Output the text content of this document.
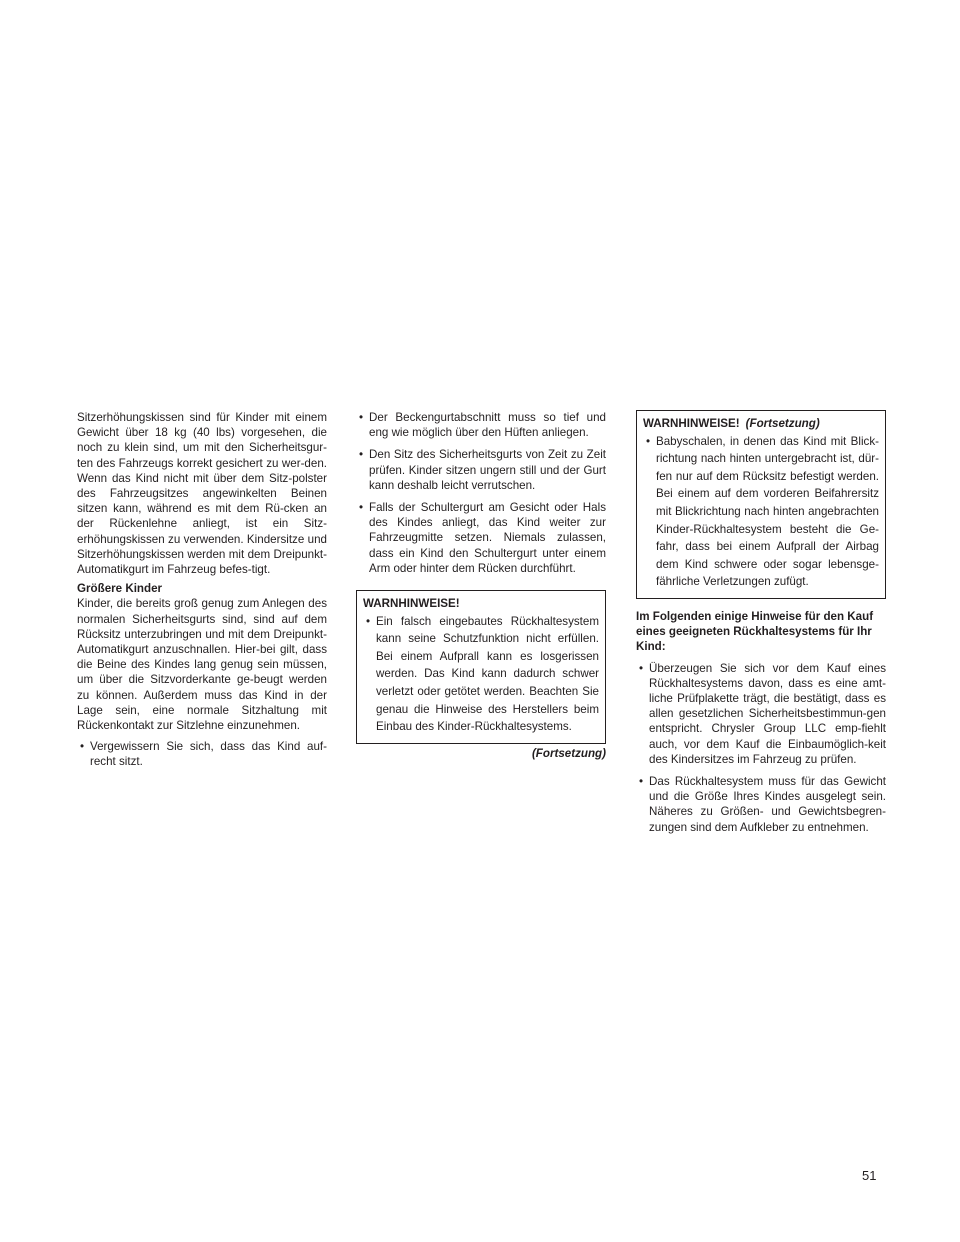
Sitzerhöhungskissen sind für Kinder mit einem Gewicht über 18 kg (40 lbs) vorgesehen, die noch zu klein sind, um mit den Sicherheitsgur-ten des Fahrzeugs korrekt gesichert zu wer-den. Wenn das Kind nicht mit über dem Sitz-polster des Fahrzeugsitzes angewinkelten Beinen sitzen kann, während es mit dem Rü-cken an der Rückenlehne anliegt, ist ein Sitz-erhöhungskissen zu verwenden. Kindersitze und Sitzerhöhungskissen werden mit dem Dreipunkt-Automatikgurt im Fahrzeug befes-tigt.

Größere Kinder

Kinder, die bereits groß genug zum Anlegen des normalen Sicherheitsgurts sind, sind auf dem Rücksitz unterzubringen und mit dem Dreipunkt-Automatikgurt anzuschnallen. Hier-bei gilt, dass die Beine des Kindes lang genug sein müssen, um über die Sitzvorderkante ge-beugt werden zu können. Außerdem muss das Kind in der Lage sein, eine normale Sitzhaltung mit Rückenkontakt zur Sitzlehne einzunehmen.

• Vergewissern Sie sich, dass das Kind auf-recht sitzt.
• Der Beckengurtabschnitt muss so tief und eng wie möglich über den Hüften anliegen.
• Den Sitz des Sicherheitsgurts von Zeit zu Zeit prüfen. Kinder sitzen ungern still und der Gurt kann deshalb leicht verrutschen.
• Falls der Schultergurt am Gesicht oder Hals des Kindes anliegt, das Kind weiter zur Fahrzeugmitte setzen. Niemals zulassen, dass ein Kind den Schultergurt unter einem Arm oder hinter dem Rücken durchführt.
WARNHINWEISE!
• Ein falsch eingebautes Rückhaltesystem kann seine Schutzfunktion nicht erfüllen. Bei einem Aufprall kann es losgerissen werden. Das Kind kann dadurch schwer verletzt oder getötet werden. Beachten Sie genau die Hinweise des Herstellers beim Einbau des Kinder-Rückhaltesystems.
(Fortsetzung)
WARNHINWEISE! (Fortsetzung)
• Babyschalen, in denen das Kind mit Blick-richtung nach hinten untergebracht ist, dür-fen nur auf dem Rücksitz befestigt werden. Bei einem auf dem vorderen Beifahrersitz mit Blickrichtung nach hinten angebrachten Kinder-Rückhaltesystem besteht die Ge-fahr, dass bei einem Aufprall der Airbag dem Kind schwere oder sogar lebensge-fährliche Verletzungen zufügt.

Im Folgenden einige Hinweise für den Kauf eines geeigneten Rückhaltesystems für Ihr Kind:

• Überzeugen Sie sich vor dem Kauf eines Rückhaltesystems davon, dass es eine amt-liche Prüfplakette trägt, die bestätigt, dass es allen gesetzlichen Sicherheitsbestimmun-gen entspricht. Chrysler Group LLC emp-fiehlt auch, vor dem Kauf die Einbaumöglich-keit des Kindersitzes im Fahrzeug zu prüfen.
• Das Rückhaltesystem muss für das Gewicht und die Größe Ihres Kindes ausgelegt sein. Näheres zu Größen- und Gewichtsbegren-zungen sind dem Aufkleber zu entnehmen.
51
